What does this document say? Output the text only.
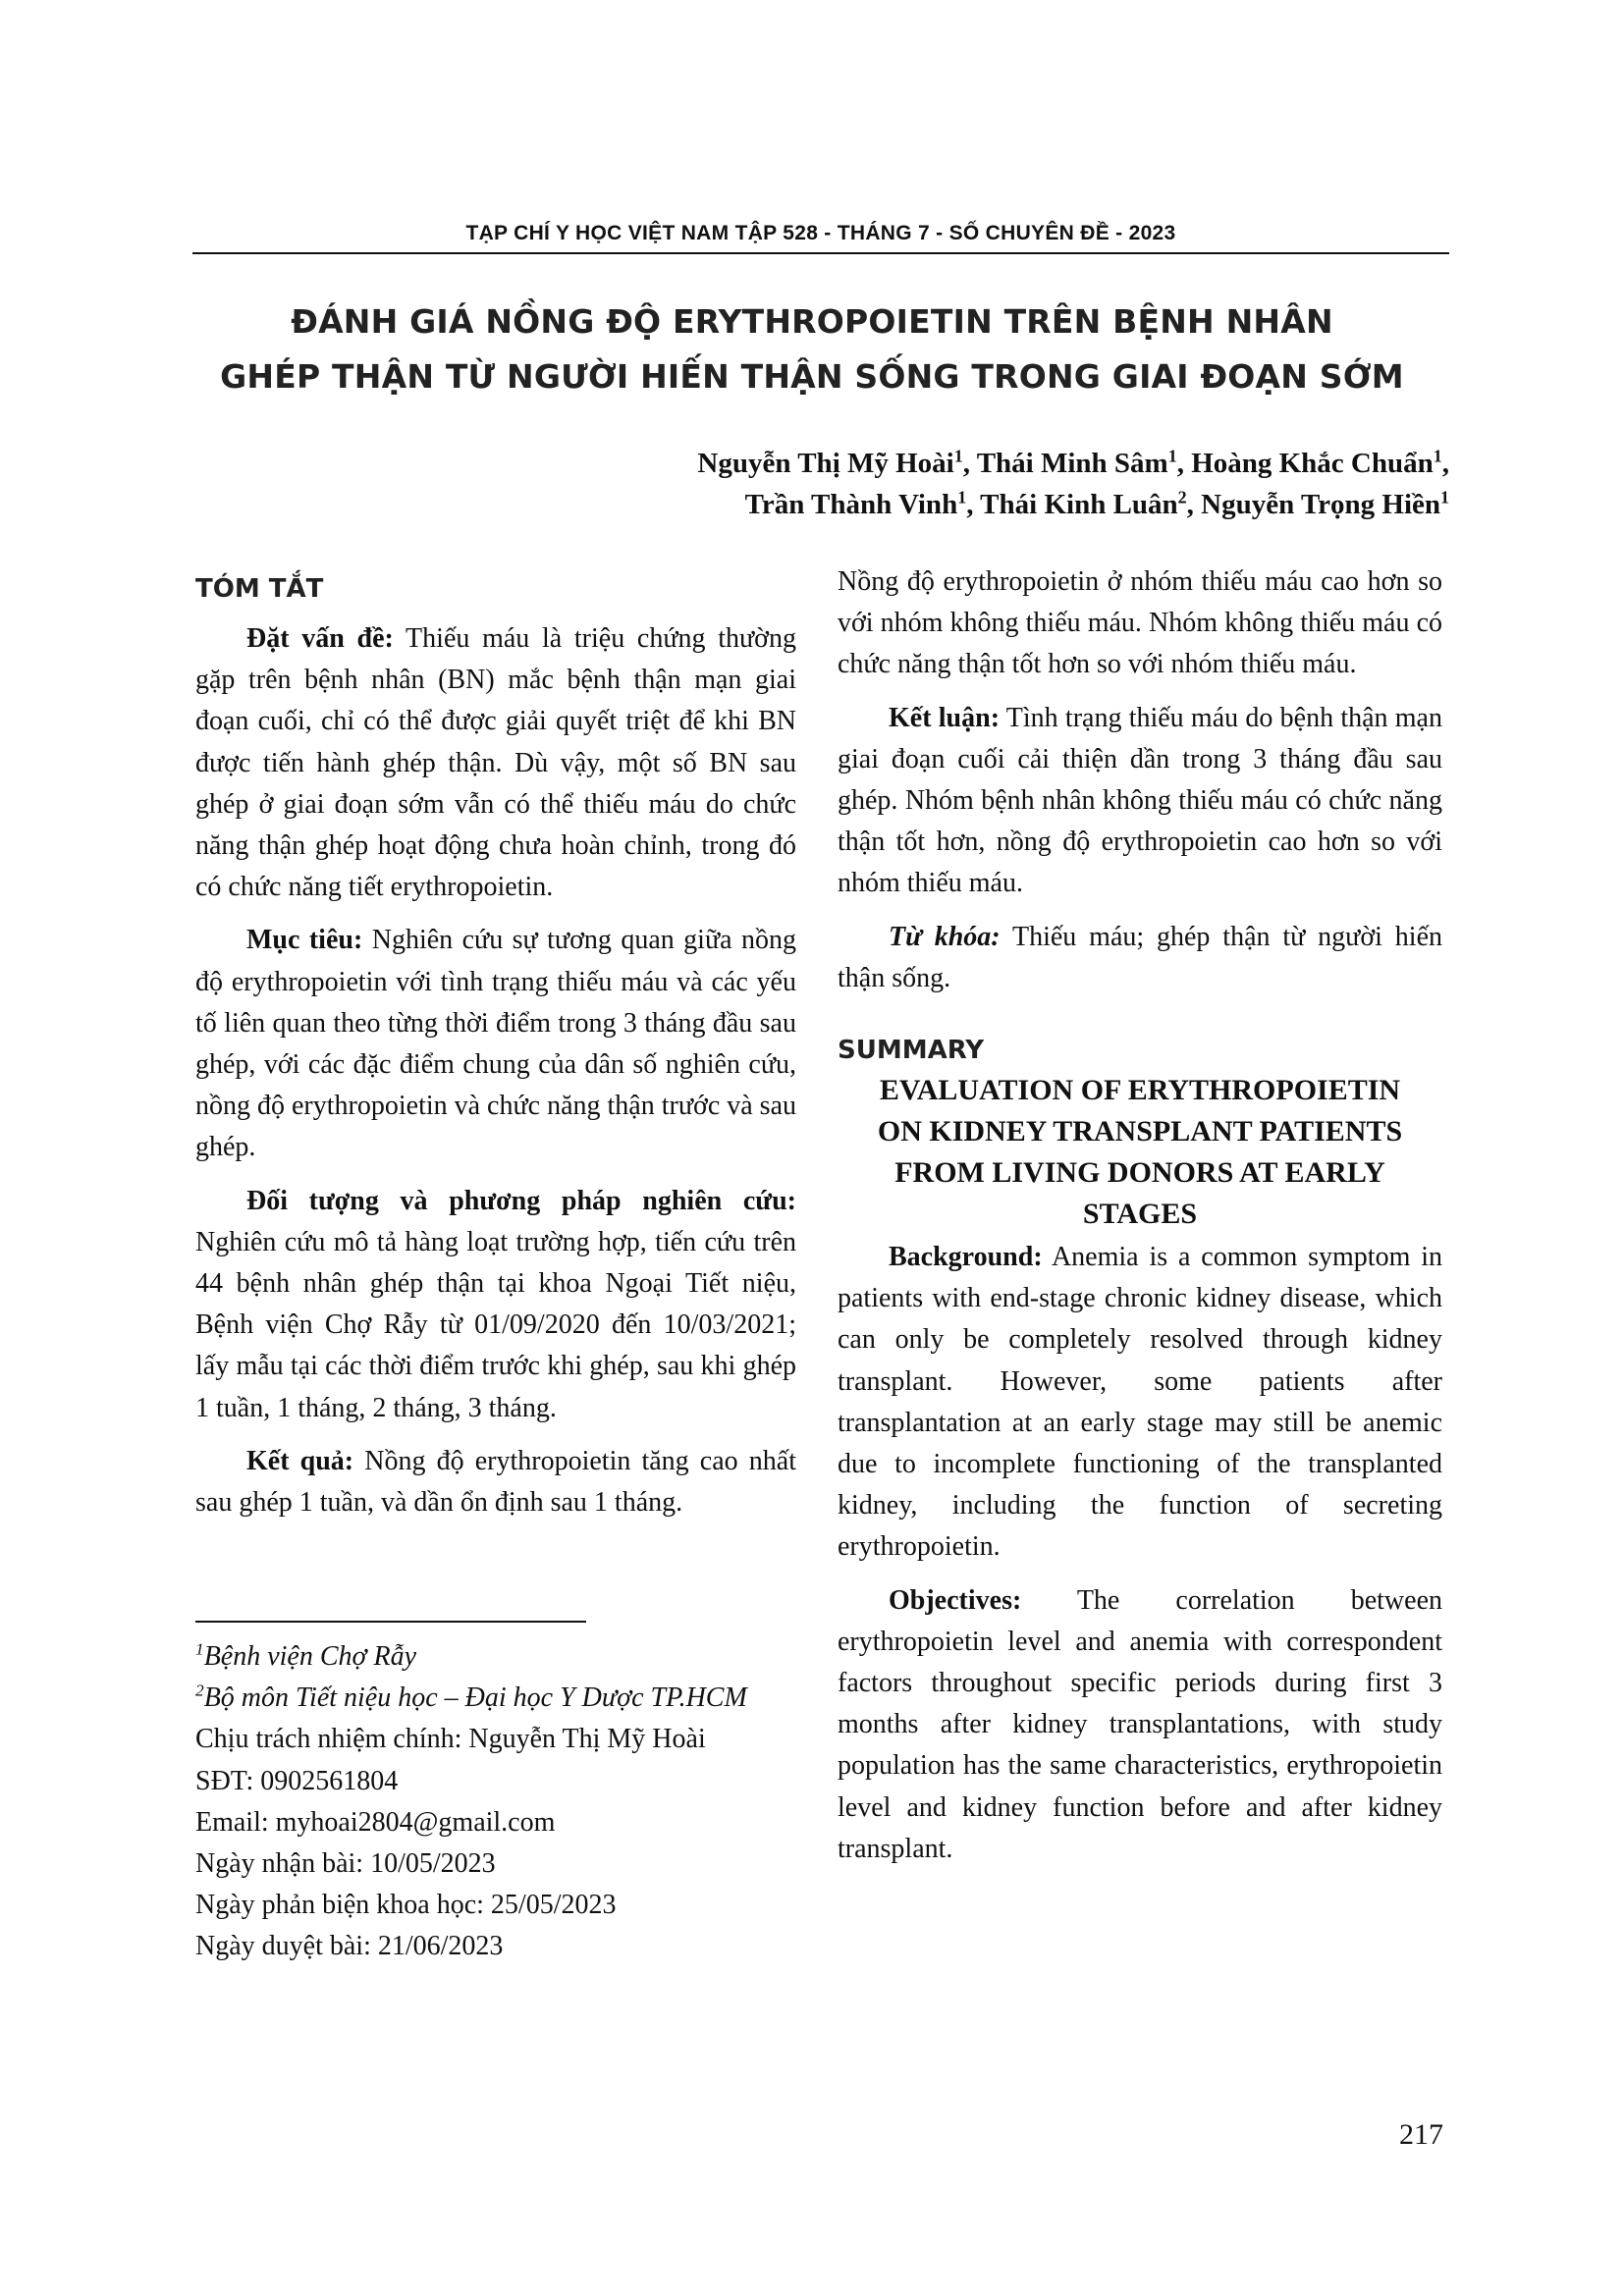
TẠP CHÍ Y HỌC VIỆT NAM TẬP 528 - THÁNG 7 - SỐ CHUYÊN ĐỀ - 2023
ĐÁNH GIÁ NỒNG ĐỘ ERYTHROPOIETIN TRÊN BỆNH NHÂN
GHÉP THẬN TỪ NGƯỜI HIẾN THẬN SỐNG TRONG GIAI ĐOẠN SỚM
Nguyễn Thị Mỹ Hoài$^1$, Thái Minh Sâm$^1$, Hoàng Khắc Chuẩn$^1$,
Trần Thành Vinh$^1$, Thái Kinh Luân$^2$, Nguyễn Trọng Hiền$^1$
TÓM TẮT

Đặt vấn đề: Thiếu máu là triệu chứng thường gặp trên bệnh nhân (BN) mắc bệnh thận mạn giai đoạn cuối, chỉ có thể được giải quyết triệt để khi BN được tiến hành ghép thận. Dù vậy, một số BN sau ghép ở giai đoạn sớm vẫn có thể thiếu máu do chức năng thận ghép hoạt động chưa hoàn chỉnh, trong đó có chức năng tiết erythropoietin.

Mục tiêu: Nghiên cứu sự tương quan giữa nồng độ erythropoietin với tình trạng thiếu máu và các yếu tố liên quan theo từng thời điểm trong 3 tháng đầu sau ghép, với các đặc điểm chung của dân số nghiên cứu, nồng độ erythropoietin và chức năng thận trước và sau ghép.

Đối tượng và phương pháp nghiên cứu: Nghiên cứu mô tả hàng loạt trường hợp, tiến cứu trên 44 bệnh nhân ghép thận tại khoa Ngoại Tiết niệu, Bệnh viện Chợ Rẫy từ 01/09/2020 đến 10/03/2021; lấy mẫu tại các thời điểm trước khi ghép, sau khi ghép 1 tuần, 1 tháng, 2 tháng, 3 tháng.

Kết quả: Nồng độ erythropoietin tăng cao nhất sau ghép 1 tuần, và dần ổn định sau 1 tháng.

$^1$Bệnh viện Chợ Rẫy
$^2$Bộ môn Tiết niệu học – Đại học Y Dược TP.HCM
Chịu trách nhiệm chính: Nguyễn Thị Mỹ Hoài
SĐT: 0902561804
Email: myhoai2804@gmail.com
Ngày nhận bài: 10/05/2023
Ngày phản biện khoa học: 25/05/2023
Ngày duyệt bài: 21/06/2023

Nồng độ erythropoietin ở nhóm thiếu máu cao hơn so với nhóm không thiếu máu. Nhóm không thiếu máu có chức năng thận tốt hơn so với nhóm thiếu máu.

Kết luận: Tình trạng thiếu máu do bệnh thận mạn giai đoạn cuối cải thiện dần trong 3 tháng đầu sau ghép. Nhóm bệnh nhân không thiếu máu có chức năng thận tốt hơn, nồng độ erythropoietin cao hơn so với nhóm thiếu máu.

Từ khóa: Thiếu máu; ghép thận từ người hiến thận sống.

SUMMARY
EVALUATION OF ERYTHROPOIETIN
ON KIDNEY TRANSPLANT PATIENTS
FROM LIVING DONORS AT EARLY
STAGES

Background: Anemia is a common symptom in patients with end-stage chronic kidney disease, which can only be completely resolved through kidney transplant. However, some patients after transplantation at an early stage may still be anemic due to incomplete functioning of the transplanted kidney, including the function of secreting erythropoietin.

Objectives: The correlation between erythropoietin level and anemia with correspondent factors throughout specific periods during first 3 months after kidney transplantations, with study population has the same characteristics, erythropoietin level and kidney function before and after kidney transplant.

217
